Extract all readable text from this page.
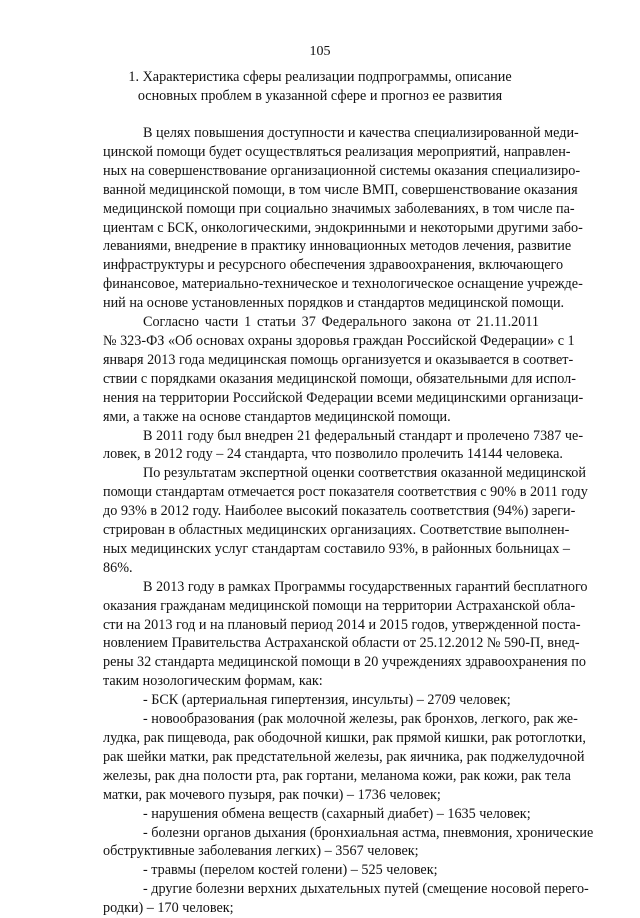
105
1. Характеристика сферы реализации подпрограммы, описание
основных проблем в указанной сфере и прогноз ее развития
В целях повышения доступности и качества специализированной меди-
цинской помощи будет осуществляться реализация мероприятий, направлен-
ных на совершенствование организационной системы оказания специализиро-
ванной медицинской помощи, в том числе ВМП, совершенствование оказания
медицинской помощи при социально значимых заболеваниях, в том числе па-
циентам с БСК, онкологическими, эндокринными и некоторыми другими забо-
леваниями, внедрение в практику инновационных методов лечения, развитие
инфраструктуры и ресурсного обеспечения здравоохранения, включающего
финансовое, материально-техническое и технологическое оснащение учрежде-
ний на основе установленных порядков и стандартов медицинской помощи.
Согласно части 1 статьи 37 Федерального закона от 21.11.2011
№ 323-ФЗ «Об основах охраны здоровья граждан Российской Федерации» с 1
января 2013 года медицинская помощь организуется и оказывается в соответ-
ствии с порядками оказания медицинской помощи, обязательными для испол-
нения на территории Российской Федерации всеми медицинскими организаци-
ями, а также на основе стандартов медицинской помощи.
В 2011 году был внедрен 21 федеральный стандарт и пролечено 7387 че-
ловек, в 2012 году – 24 стандарта, что позволило пролечить 14144 человека.
По результатам экспертной оценки соответствия оказанной медицинской
помощи стандартам отмечается рост показателя соответствия с 90% в 2011 году
до 93% в 2012 году. Наиболее высокий показатель соответствия (94%) зареги-
стрирован в областных медицинских организациях. Соответствие выполнен-
ных медицинских услуг стандартам составило 93%, в районных больницах –
86%.
В 2013 году в рамках Программы государственных гарантий бесплатного
оказания гражданам медицинской помощи на территории Астраханской обла-
сти на 2013 год и на плановый период 2014 и 2015 годов, утвержденной поста-
новлением Правительства Астраханской области от 25.12.2012 № 590-П, внед-
рены 32 стандарта медицинской помощи в 20 учреждениях здравоохранения по
таким нозологическим формам, как:
- БСК (артериальная гипертензия, инсульты) – 2709 человек;
- новообразования (рак молочной железы, рак бронхов, легкого, рак же-
лудка, рак пищевода, рак ободочной кишки, рак прямой кишки, рак ротоглотки,
рак шейки матки, рак предстательной железы, рак яичника, рак поджелудочной
железы, рак дна полости рта, рак гортани, меланома кожи, рак кожи, рак тела
матки, рак мочевого пузыря, рак почки) – 1736 человек;
- нарушения обмена веществ (сахарный диабет) – 1635 человек;
- болезни органов дыхания (бронхиальная астма, пневмония, хронические
обструктивные заболевания легких) – 3567 человек;
- травмы (перелом костей голени) – 525 человек;
- другие болезни верхних дыхательных путей (смещение носовой перего-
родки) – 170 человек;
